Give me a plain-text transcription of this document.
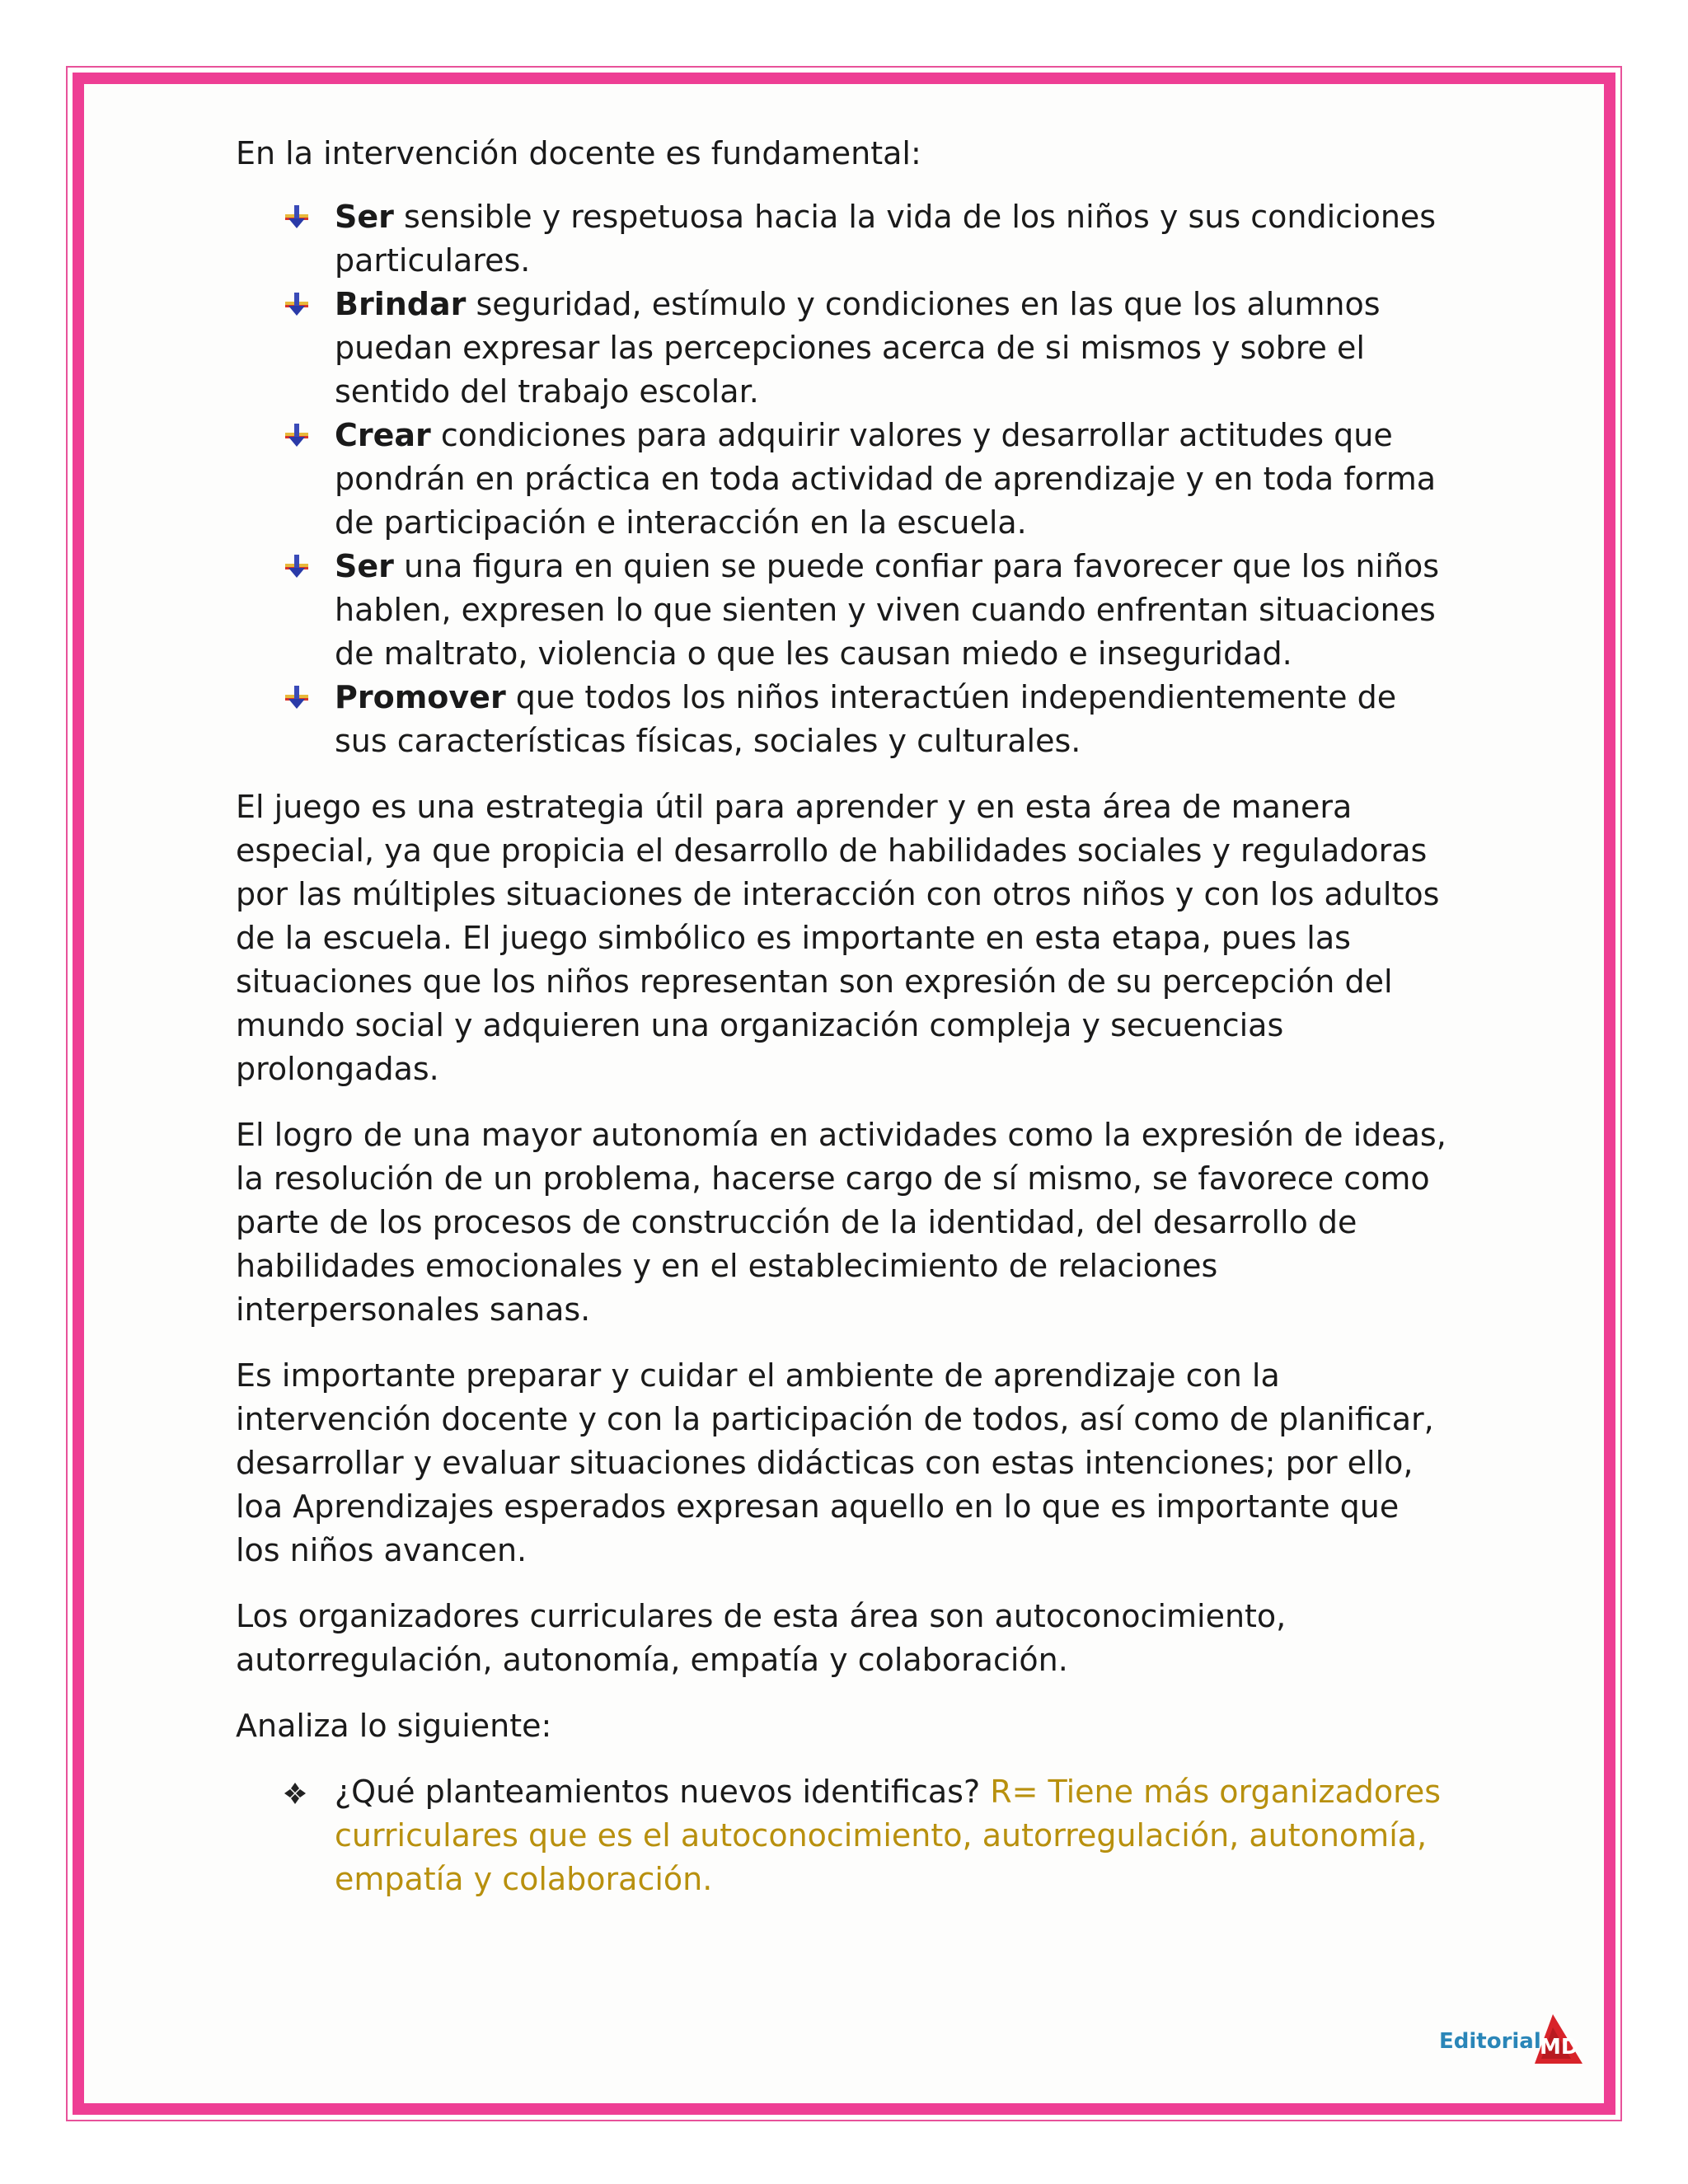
En la intervención docente es fundamental:

Ser sensible y respetuosa hacia la vida de los niños y sus condiciones particulares.
Brindar seguridad, estímulo y condiciones en las que los alumnos puedan expresar las percepciones acerca de si mismos y sobre el sentido del trabajo escolar.
Crear condiciones para adquirir valores y desarrollar actitudes que pondrán en práctica en toda actividad de aprendizaje y en toda forma de participación e interacción en la escuela.
Ser una figura en quien se puede confiar para favorecer que los niños hablen, expresen lo que sienten y viven cuando enfrentan situaciones de maltrato, violencia o que les causan miedo e inseguridad.
Promover que todos los niños interactúen independientemente de sus características físicas, sociales y culturales.

El juego es una estrategia útil para aprender y en esta área de manera especial, ya que propicia el desarrollo de habilidades sociales y reguladoras por las múltiples situaciones de interacción con otros niños y con los adultos de la escuela. El juego simbólico es importante en esta etapa, pues las situaciones que los niños representan son expresión de su percepción del mundo social y adquieren una organización compleja y secuencias prolongadas.

El logro de una mayor autonomía en actividades como la expresión de ideas, la resolución de un problema, hacerse cargo de sí mismo, se favorece como parte de los procesos de construcción de la identidad, del desarrollo de habilidades emocionales y en el establecimiento de relaciones interpersonales sanas.

Es importante preparar y cuidar el ambiente de aprendizaje con la intervención docente y con la participación de todos, así como de planificar, desarrollar y evaluar situaciones didácticas con estas intenciones; por ello, loa Aprendizajes esperados expresan aquello en lo que es importante que los niños avancen.

Los organizadores curriculares de esta área son autoconocimiento, autorregulación, autonomía, empatía y colaboración.

Analiza lo siguiente:

¿Qué planteamientos nuevos identificas? R= Tiene más organizadores curriculares que es el autoconocimiento, autorregulación, autonomía, empatía y colaboración.
Editorial
MD
